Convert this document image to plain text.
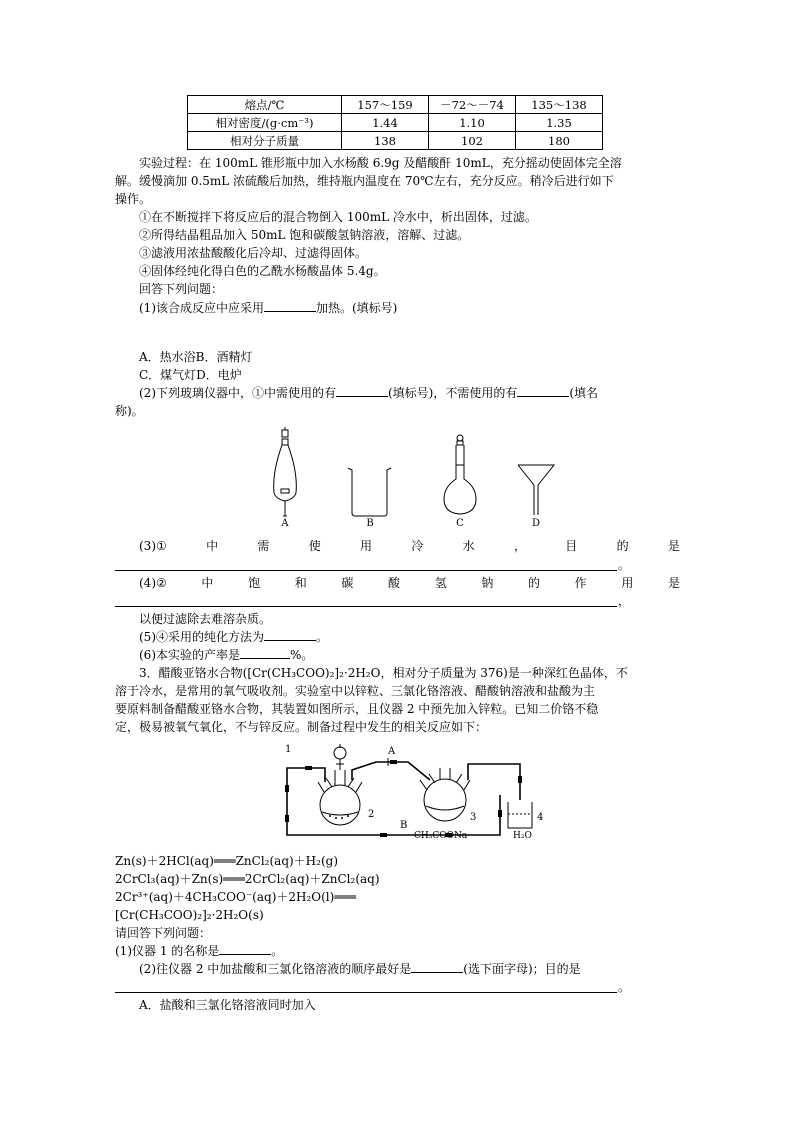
熔点/℃	157～159	－72～－74	135～138
相对密度/(g·cm⁻³)	1.44	1.10	1.35
相对分子质量	138	102	180
实验过程：在 100mL 锥形瓶中加入水杨酸 6.9g 及醋酸酐 10mL，充分摇动使固体完全溶
解。缓慢滴加 0.5mL 浓硫酸后加热，维持瓶内温度在 70℃左右，充分反应。稍冷后进行如下
操作。
①在不断搅拌下将反应后的混合物倒入 100mL 冷水中，析出固体，过滤。
②所得结晶粗品加入 50mL 饱和碳酸氢钠溶液，溶解、过滤。
③滤液用浓盐酸酸化后冷却、过滤得固体。
④固体经纯化得白色的乙酰水杨酸晶体 5.4g。
回答下列问题：
(1)该合成反应中应采用	加热。(填标号)
A．热水浴B．酒精灯
C．煤气灯D．电炉
(2)下列玻璃仪器中，①中需使用的有	(填标号)，不需使用的有	(填名
称)。
A	B	C	D
(3)①	中	需	使	用	冷	水	，	目	的	是
。
(4)②	中	饱	和	碳	酸	氢	钠	的	作	用	是
，
以便过滤除去难溶杂质。
(5)④采用的纯化方法为	。
(6)本实验的产率是	%。
3．醋酸亚铬水合物([Cr(CH₃COO)₂]₂·2H₂O，相对分子质量为 376)是一种深红色晶体，不
溶于冷水，是常用的氧气吸收剂。实验室中以锌粒、三氯化铬溶液、醋酸钠溶液和盐酸为主
要原料制备醋酸亚铬水合物，其装置如图所示，且仪器 2 中预先加入锌粒。已知二价铬不稳
定，极易被氧气氧化，不与锌反应。制备过程中发生的相关反应如下：
1	A
2
B
3
CH₃COONa
4
H₂O
Zn(s)＋2HCl(aq)═══ZnCl₂(aq)＋H₂(g)
2CrCl₃(aq)＋Zn(s)═══2CrCl₂(aq)＋ZnCl₂(aq)
2Cr³⁺(aq)＋4CH₃COO⁻(aq)＋2H₂O(l)═══
[Cr(CH₃COO)₂]₂·2H₂O(s)
请回答下列问题：
(1)仪器 1 的名称是	。
(2)往仪器 2 中加盐酸和三氯化铬溶液的顺序最好是	(选下面字母)；目的是
。
A．盐酸和三氯化铬溶液同时加入
